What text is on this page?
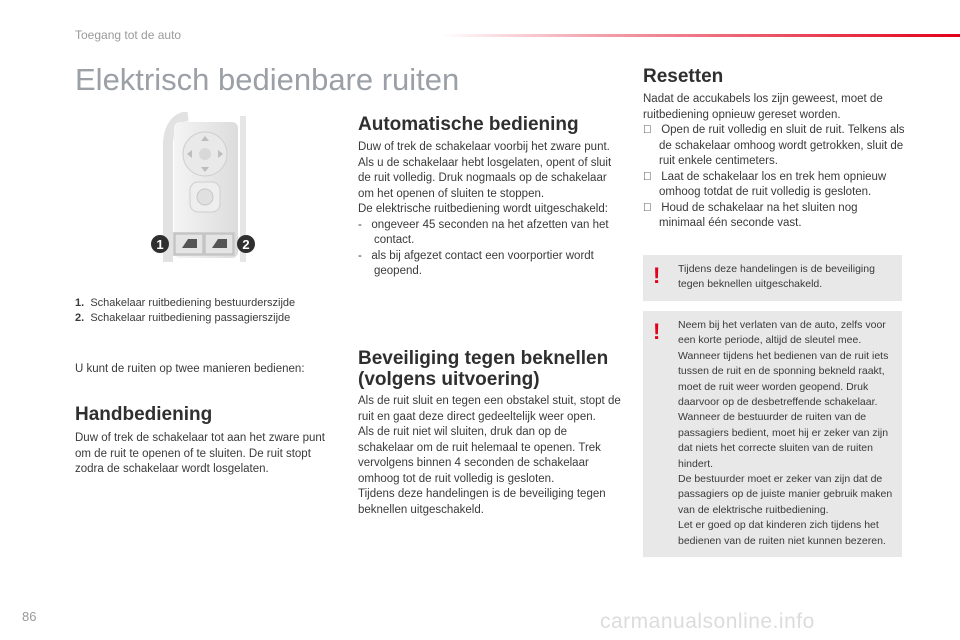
Toegang tot de auto
Elektrisch bedienbare ruiten
1	2
1. Schakelaar ruitbediening bestuurderszijde
2. Schakelaar ruitbediening passagierszijde
U kunt de ruiten op twee manieren bedienen:
Handbediening
Duw of trek de schakelaar tot aan het zware punt om de ruit te openen of te sluiten. De ruit stopt zodra de schakelaar wordt losgelaten.
Automatische bediening

Duw of trek de schakelaar voorbij het zware punt. Als u de schakelaar hebt losgelaten, opent of sluit de ruit volledig. Druk nogmaals op de schakelaar om het openen of sluiten te stoppen.

De elektrische ruitbediening wordt uitgeschakeld:

-   ongeveer 45 seconden na het afzetten van het contact.

-   als bij afgezet contact een voorportier wordt geopend.

Beveiliging tegen beknellen
(volgens uitvoering)

Als de ruit sluit en tegen een obstakel stuit, stopt de ruit en gaat deze direct gedeeltelijk weer open.

Als de ruit niet wil sluiten, druk dan op de schakelaar om de ruit helemaal te openen. Trek vervolgens binnen 4 seconden de schakelaar omhoog tot de ruit volledig is gesloten.

Tijdens deze handelingen is de beveiliging tegen beknellen uitgeschakeld.

Resetten

Nadat de accukabels los zijn geweest, moet de ruitbediening opnieuw gereset worden.

Open de ruit volledig en sluit de ruit. Telkens als de schakelaar omhoog wordt getrokken, sluit de ruit enkele centimeters.

Laat de schakelaar los en trek hem opnieuw omhoog totdat de ruit volledig is gesloten.

Houd de schakelaar na het sluiten nog minimaal één seconde vast.

! Tijdens deze handelingen is de beveiliging tegen beknellen uitgeschakeld.
! Neem bij het verlaten van de auto, zelfs voor een korte periode, altijd de sleutel mee.
Wanneer tijdens het bedienen van de ruit iets tussen de ruit en de sponning bekneld raakt, moet de ruit weer worden geopend. Druk daarvoor op de desbetreffende schakelaar.
Wanneer de bestuurder de ruiten van de passagiers bedient, moet hij er zeker van zijn dat niets het correcte sluiten van de ruiten hindert.
De bestuurder moet er zeker van zijn dat de passagiers op de juiste manier gebruik maken van de elektrische ruitbediening.
Let er goed op dat kinderen zich tijdens het bedienen van de ruiten niet kunnen bezeren.
86	carmanualsonline.info
